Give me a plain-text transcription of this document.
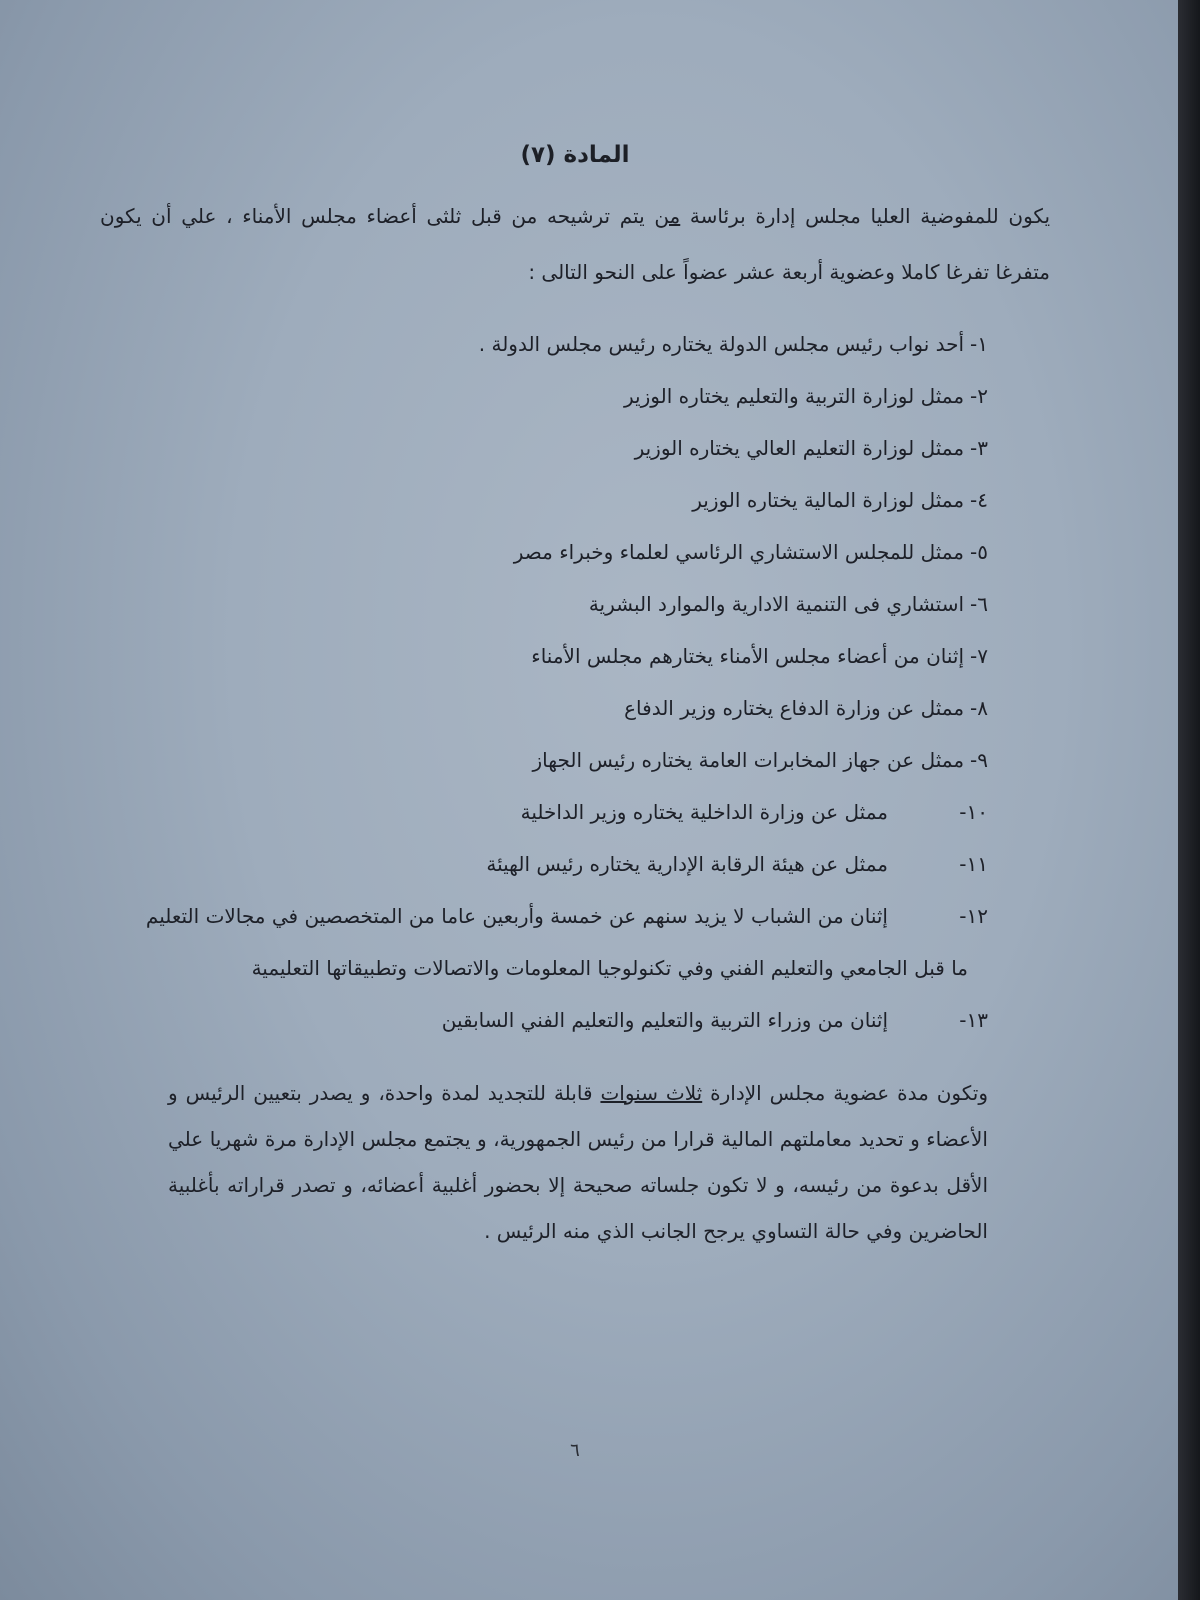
المادة (٧)

يكون للمفوضية العليا مجلس إدارة برئاسة من يتم ترشيحه من قبل ثلثى أعضاء مجلس الأمناء ، علي أن يكون متفرغا تفرغا كاملا وعضوية أربعة عشر عضواً على النحو التالى :

١-أحد نواب رئيس مجلس الدولة يختاره رئيس مجلس الدولة .
٢-ممثل لوزارة التربية والتعليم يختاره الوزير
٣-ممثل لوزارة التعليم العالي يختاره الوزير
٤-ممثل لوزارة المالية يختاره الوزير
٥-ممثل للمجلس الاستشاري الرئاسي لعلماء وخبراء مصر
٦-استشاري فى التنمية الادارية والموارد البشرية
٧-إثنان من أعضاء مجلس الأمناء يختارهم مجلس الأمناء
٨-ممثل عن وزارة الدفاع يختاره وزير الدفاع
٩-ممثل عن جهاز المخابرات العامة يختاره رئيس الجهاز
١٠-ممثل عن وزارة الداخلية يختاره وزير الداخلية
١١-ممثل عن هيئة الرقابة الإدارية يختاره رئيس الهيئة
١٢-إثنان من الشباب لا يزيد سنهم عن خمسة وأربعين عاما من المتخصصين في مجالات التعليم
ما قبل الجامعي والتعليم الفني وفي تكنولوجيا المعلومات والاتصالات وتطبيقاتها التعليمية
١٣-إثنان من وزراء التربية والتعليم والتعليم الفني السابقين

وتكون مدة عضوية مجلس الإدارة ثلاث سنوات قابلة للتجديد لمدة واحدة، و يصدر بتعيين الرئيس و الأعضاء و تحديد معاملتهم المالية قرارا من رئيس الجمهورية، و يجتمع مجلس الإدارة مرة شهريا علي الأقل بدعوة من رئيسه، و لا تكون جلساته صحيحة إلا بحضور أغلبية أعضائه، و تصدر قراراته بأغلبية الحاضرين وفي حالة التساوي يرجح الجانب الذي منه الرئيس .

٦
